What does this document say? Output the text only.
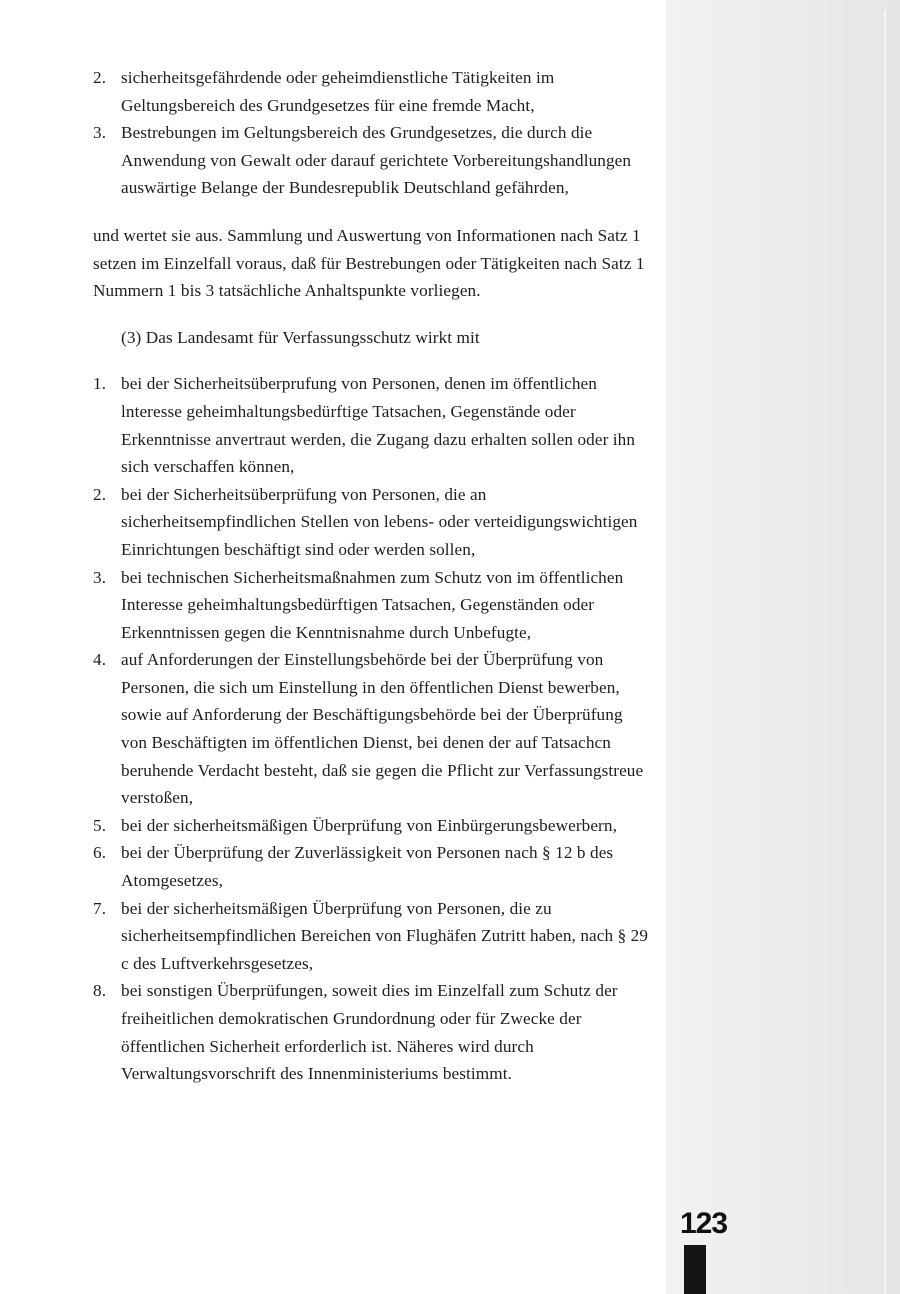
2. sicherheitsgefährdende oder geheimdienstliche Tätigkeiten im Geltungsbereich des Grundgesetzes für eine fremde Macht,
3. Bestrebungen im Geltungsbereich des Grundgesetzes, die durch die Anwendung von Gewalt oder darauf gerichtete Vorbereitungshandlungen auswärtige Belange der Bundesrepublik Deutschland gefährden,

und wertet sie aus. Sammlung und Auswertung von Informationen nach Satz 1 setzen im Einzelfall voraus, daß für Bestrebungen oder Tätigkeiten nach Satz 1 Nummern 1 bis 3 tatsächliche Anhaltspunkte vorliegen.

(3) Das Landesamt für Verfassungsschutz wirkt mit

1. bei der Sicherheitsüberprufung von Personen, denen im öffentlichen lnteresse geheimhaltungsbedürftige Tatsachen, Gegenstände oder Erkenntnisse anvertraut werden, die Zugang dazu erhalten sollen oder ihn sich verschaffen können,
2. bei der Sicherheitsüberprüfung von Personen, die an sicherheitsempfindlichen Stellen von lebens- oder verteidigungswichtigen Einrichtungen beschäftigt sind oder werden sollen,
3. bei technischen Sicherheitsmaßnahmen zum Schutz von im öffentlichen Interesse geheimhaltungsbedürftigen Tatsachen, Gegenständen oder Erkenntnissen gegen die Kenntnisnahme durch Unbefugte,
4. auf Anforderungen der Einstellungsbehörde bei der Überprüfung von Personen, die sich um Einstellung in den öffentlichen Dienst bewerben, sowie auf Anforderung der Beschäftigungsbehörde bei der Überprüfung von Beschäftigten im öffentlichen Dienst, bei denen der auf Tatsachcn beruhende Verdacht besteht, daß sie gegen die Pflicht zur Verfassungstreue verstoßen,
5. bei der sicherheitsmäßigen Überprüfung von Einbürgerungsbewerbern,
6. bei der Überprüfung der Zuverlässigkeit von Personen nach § 12 b des Atomgesetzes,
7. bei der sicherheitsmäßigen Überprüfung von Personen, die zu sicherheitsempfindlichen Bereichen von Flughäfen Zutritt haben, nach § 29 c des Luftverkehrsgesetzes,
8. bei sonstigen Überprüfungen, soweit dies im Einzelfall zum Schutz der freiheitlichen demokratischen Grundordnung oder für Zwecke der öffentlichen Sicherheit erforderlich ist. Näheres wird durch Verwaltungsvorschrift des Innenministeriums bestimmt.
123
